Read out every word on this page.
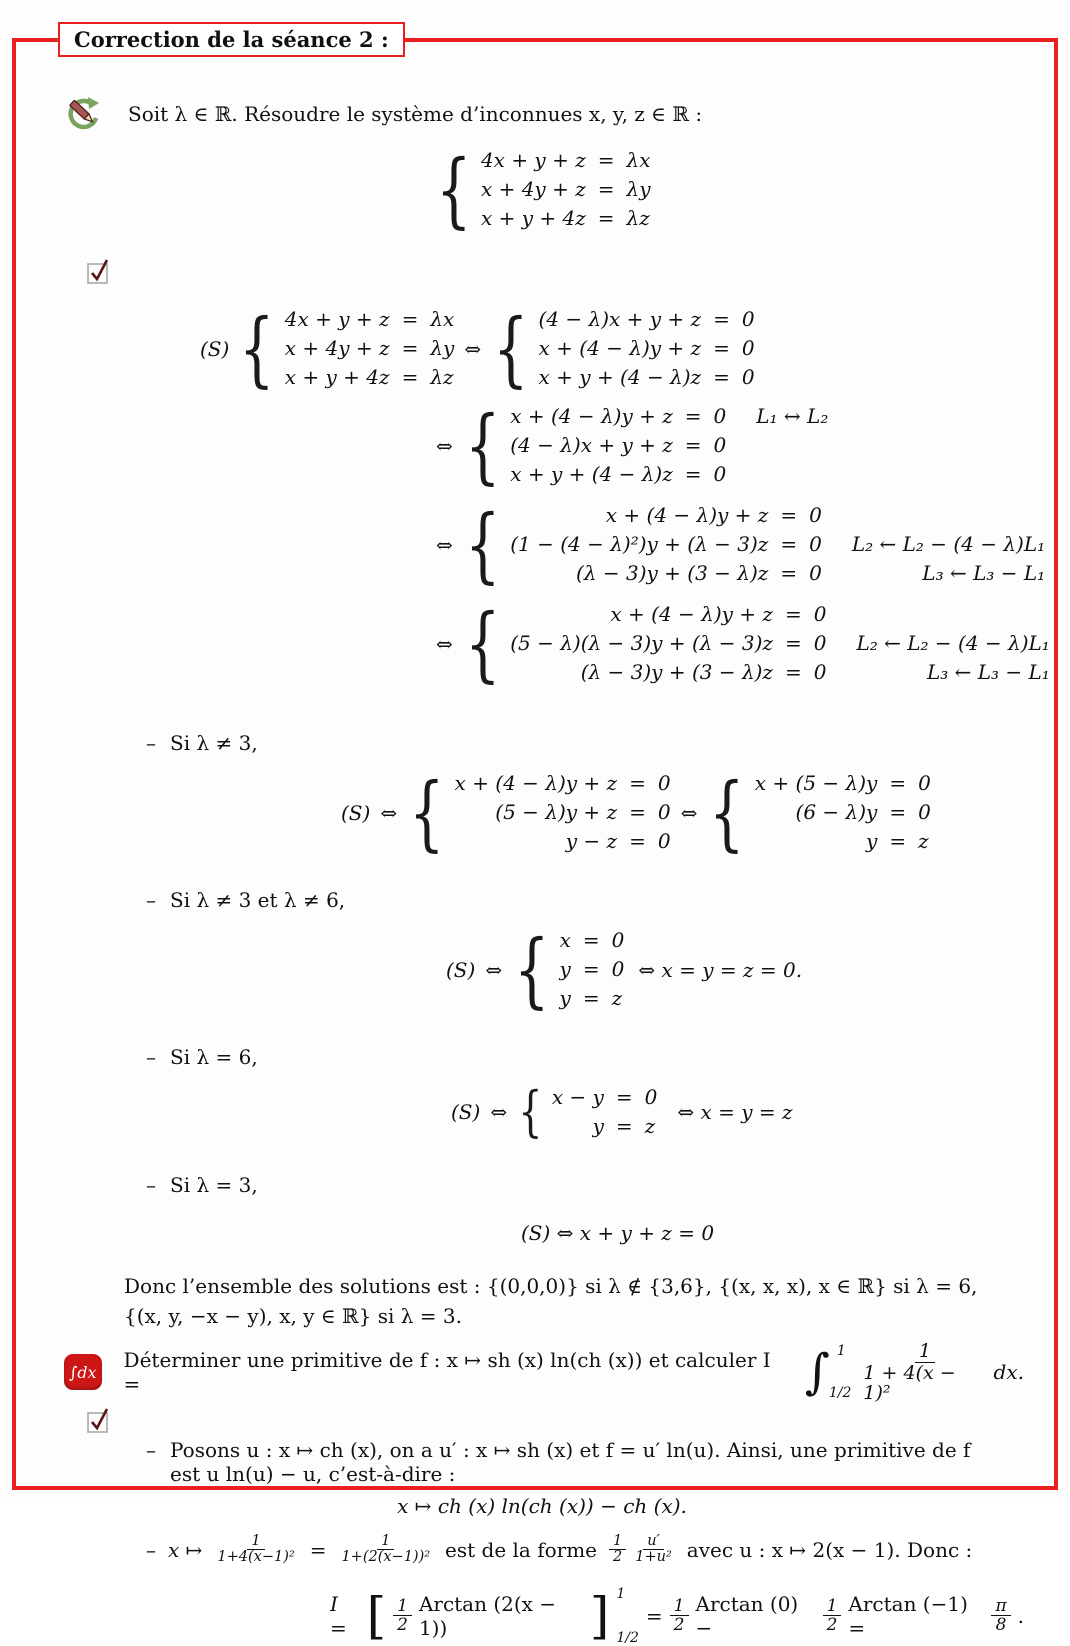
Correction de la séance 2 :
Soit λ ∈ ℝ. Résoudre le système d’inconnues x, y, z ∈ ℝ :
{ 4x + y + z = λx
x + 4y + z = λy
x + y + 4z = λz
(S) { 4x + y + z = λx
x + 4y + z = λy
x + y + 4z = λz
⇔ { (4 − λ)x + y + z = 0
x + (4 − λ)y + z = 0
x + y + (4 − λ)z = 0
⇔ { x + (4 − λ)y + z = 0	L₁ ↔ L₂
(4 − λ)x + y + z = 0
x + y + (4 − λ)z = 0
⇔ {	x + (4 − λ)y + z = 0
(1 − (4 − λ)²)y + (λ − 3)z = 0	L₂ ← L₂ − (4 − λ)L₁
(λ − 3)y + (3 − λ)z = 0	L₃ ← L₃ − L₁
⇔ {	x + (4 − λ)y + z = 0
(5 − λ)(λ − 3)y + (λ − 3)z = 0	L₂ ← L₂ − (4 − λ)L₁
(λ − 3)y + (3 − λ)z = 0	L₃ ← L₃ − L₁
– Si λ ≠ 3,
(S) ⇔ { x + (4 − λ)y + z = 0
(5 − λ)y + z = 0
y − z = 0
⇔ { x + (5 − λ)y = 0
(6 − λ)y = 0
y = z
– Si λ ≠ 3 et λ ≠ 6,
(S) ⇔ { x = 0
y = 0
y = z
⇔ x = y = z = 0.
– Si λ = 6,
(S) ⇔ { x − y = 0
y = z
⇔ x = y = z
– Si λ = 3,
(S) ⇔ x + y + z = 0
Donc l’ensemble des solutions est : {(0,0,0)} si λ ∉ {3,6}, {(x, x, x), x ∈ ℝ} si λ = 6, {(x, y, −x − y), x, y ∈ ℝ} si λ = 3.
∫dx Déterminer une primitive de f : x ↦ sh (x) ln(ch (x)) et calculer I =	∫ 1
$1/2 \frac{1}{\text{1 + 4(x − 1)²}}$ dx.
– Posons u : x ↦ ch (x), on a u′ : x ↦ sh (x) et f = u′ ln(u). Ainsi, une primitive de f est u ln(u) − u, c’est-à-dire :
x ↦ ch (x) ln(ch (x)) − ch (x).
– x ↦ $\frac{1}{\text{1+4(x−1)²}} = \frac{1}{\text{1+(2(x−1))²}}$ est de la forme $\frac{1}{2} \frac{u'}{\text{1+u²}}$ avec u : x ↦ 2(x − 1). Donc :
I = [ $\frac{1}{2}$ Arctan (2(x − 1))	] 1
1/2
= $\frac{1}{2}$ Arctan (0) −	$\frac{1}{2}$ Arctan (−1) =	$\frac{\pi}{8}$ .
